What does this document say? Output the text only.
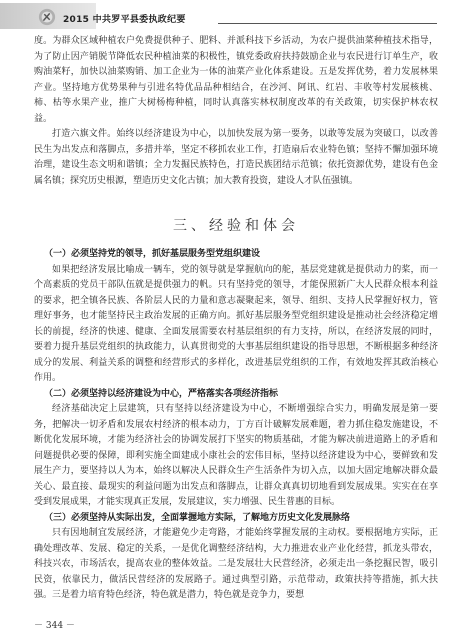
2015 中共罗平县委执政纪要

度。为群众区域种植农户免费提供种子、肥料、并派科技下乡活动，为农户提供油菜种植技术指导，为了防止因产销脱节降低农民种植油菜的积极性，镇党委政府扶持鼓励企业与农民进行订单生产，收购油菜籽，加快以油菜购销、加工企业为一体的油菜产业化体系建设。五是发挥优势，着力发展林果产业。坚持地方优势果种与引进名特优品品种相结合，在沙河、阿讯、红岩、丰收等村发展核桃、柿、枯等水果产业，推广大树杨梅种植，同时认真落实林权制度改革的有关政策，切实保护林农权益。

打造六旗文件。始终以经济建设为中心，以加快发展为第一要务，以敢等发展为突破口，以改善民生为出发点和落脚点，多措并举，坚定不移抓农业工作，打造扇后农业特色镇；坚持不懈加强环境治理，建设生态文明和谐镇；全力发掘民族特色，打造民族团结示范镇；依托资源优势，建设有色金属名镇；探究历史根源，塑造历史文化古镇；加大教育投资，建设人才队伍强镇。

三、经验和体会

（一）必须坚持党的领导，抓好基层服务型党组织建设

如果把经济发展比喻成一辆车，党的领导就是掌握航向的舵，基层党建就是提供动力的桨，而一个高素质的党员干部队伍就是提供强力的帆。只有坚持党的领导，才能保照新广大人民群众根本利益的要求，把全镇各民族、各阶层人民的力量和意志凝聚起来，领导、组织、支持人民掌握好权力，管理好事务，也才能坚持民主政治发展的正确方向。抓好基层服务型党组织建设是推动社会经济稳定增长的前提，经济的快速、健康、全面发展需要农村基层组织的有力支持，所以，在经济发展的同时，要着力提升基层党组织的执政能力，认真贯彻党的大事基层组织建设的指导思想，不断根据多种经济成分的发展、利益关系的调整和经营形式的多样化，改进基层党组织的工作，有效地发挥其政治核心作用。

（二）必须坚持以经济建设为中心，严格落实各项经济指标

经济基础决定上层建筑，只有坚持以经济建设为中心，不断增强综合实力，明确发展是第一要务，把解决一切矛盾和发展农村经济的根本动力，丁方百计破解发展难题，着力抓住稳发施建设，不断优化发展环境，才能为经济社会的协调发展打下坚实的物质基础，才能为解决前进道路上的矛盾和问题提供必要的保障，即利实施全面建成小康社会的宏伟目标，坚持以经济建设为中心，要鲜致和发展生产力，要坚持以人为本，始终以解决人民群众生产生活条件为切入点，以加大固定地解决群众最关心、最直接、最现实的利益问题为出发点和落脚点，让群众真真切切地看到发展成果。实实在在享受到发展成果，才能实现真正发展，发展建议，实力增强、民生普惠的目标。

（三）必须坚持从实际出发，全面掌握地方实际，了解地方历史文化发展脉络

只有因地制宜发展经济，才能避免少走弯路，才能始终掌握发展的主动权。要根据地方实际，正确处理改革、发展、稳定的关系，一是优化调整经济结构，大力推进农业产业化经营，抓龙头带农，科技兴农，市场活农，提高农业的整体效益。二是发展壮大民营经济，必须走出一条挖掘民智，吸引民资，依靠民力，做活民营经济的发展路子。通过典型引路，示范带动，政策扶持等措施，抓大扶强。三是着力培育特色经济，特色就是潜力，特色就是竞争力，要想

－ 344 －
